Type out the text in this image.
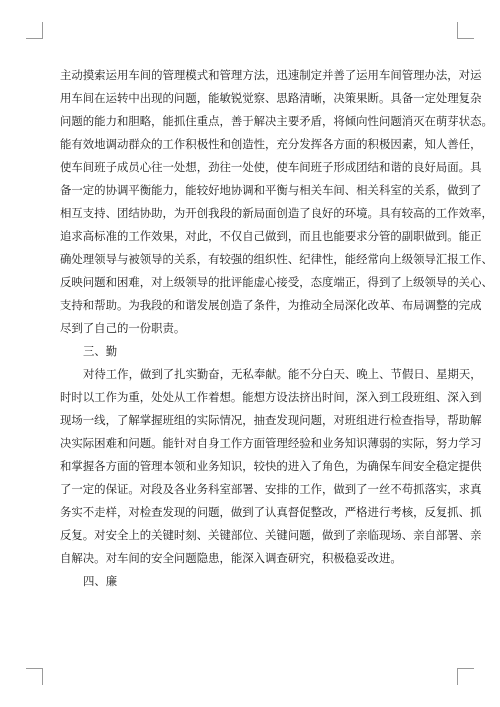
主动摸索运用车间的管理模式和管理方法，迅速制定并善了运用车间管理办法，对运
用车间在运转中出现的问题，能敏锐觉察、思路清晰，决策果断。具备一定处理复杂
问题的能力和胆略，能抓住重点，善于解决主要矛盾，将倾向性问题消灭在萌芽状态。
能有效地调动群众的工作积极性和创造性，充分发挥各方面的积极因素，知人善任，
使车间班子成员心往一处想，劲往一处使，使车间班子形成团结和谐的良好局面。具
备一定的协调平衡能力，能较好地协调和平衡与相关车间、相关科室的关系，做到了
相互支持、团结协助，为开创我段的新局面创造了良好的环境。具有较高的工作效率，
追求高标准的工作效果，对此，不仅自己做到，而且也能要求分管的副职做到。能正
确处理领导与被领导的关系，有较强的组织性、纪律性，能经常向上级领导汇报工作、
反映问题和困难，对上级领导的批评能虚心接受，态度端正，得到了上级领导的关心、
支持和帮助。为我段的和谐发展创造了条件，为推动全局深化改革、布局调整的完成
尽到了自己的一份职责。
三、勤
对待工作，做到了扎实勤奋，无私奉献。能不分白天、晚上、节假日、星期天，
时时以工作为重，处处从工作着想。能想方设法挤出时间，深入到工段班组、深入到
现场一线，了解掌握班组的实际情况，抽查发现问题，对班组进行检查指导，帮助解
决实际困难和问题。能针对自身工作方面管理经验和业务知识薄弱的实际，努力学习
和掌握各方面的管理本领和业务知识，较快的进入了角色，为确保车间安全稳定提供
了一定的保证。对段及各业务科室部署、安排的工作，做到了一丝不苟抓落实，求真
务实不走样，对检查发现的问题，做到了认真督促整改，严格进行考核，反复抓、抓
反复。对安全上的关键时刻、关键部位、关键问题，做到了亲临现场、亲自部署、亲
自解决。对车间的安全问题隐患，能深入调查研究，积极稳妥改进。
四、廉
